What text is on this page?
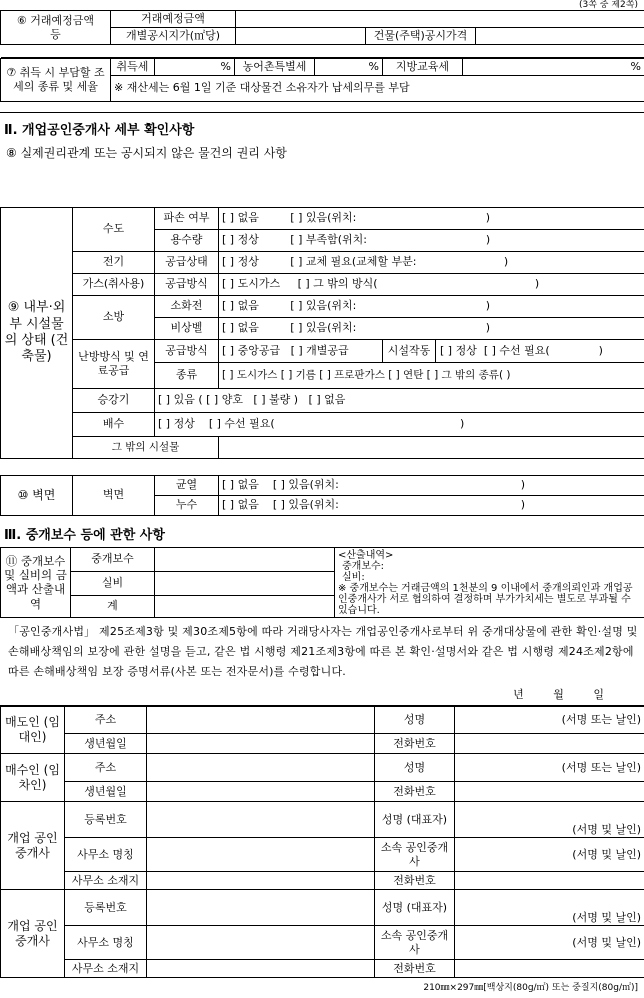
(3쪽 중 제2쪽)
⑥ 거래예정금액
등	거래예정금액			
	개별공시지가(㎡당)		건물(주택)공시가격	

⑦ 취득 시 부담할 조세의 종류 및 세율	취득세	%	농어촌특별세	%	지방교육세	%
※ 재산세는 6월 1일 기준 대상물건 소유자가 납세의무를 부담
Ⅱ. 개업공인중개사 세부 확인사항
⑧ 실제권리관계 또는 공시되지 않은 물건의 권리 사항
⑨ 내부·외부 시설물의 상태 (건축물)	수도	파손 여부	[ ] 없음         [ ] 있음(위치:                                     )
		용수량	[ ] 정상         [ ] 부족함(위치:                                  )
	전기	공급상태	[ ] 정상         [ ] 교체 필요(교체할 부분:                         )
	가스(취사용)	공급방식	[ ] 도시가스     [ ] 그 밖의 방식(                                             )
	소방	소화전	[ ] 없음         [ ] 있음(위치:                                     )
		비상벨	[ ] 없음         [ ] 있음(위치:                                     )
	난방방식 및 연료공급	공급방식	[ ] 중앙공급   [ ] 개별공급 시설작동 [ ] 정상  [ ] 수선 필요(              )

		종류	[ ] 도시가스 [ ] 기름 [ ] 프로판가스 [ ] 연탄 [ ] 그 밖의 종류( )
	승강기	[ ] 있음 ( [ ] 양호   [ ] 불량 )   [ ] 없음	
	배수	[ ] 정상    [ ] 수선 필요(                                                     )	
	그 밖의 시설물		
⑩ 벽면	벽면	균열	[ ] 없음    [ ] 있음(위치:                                                    )
		누수	[ ] 없음    [ ] 있음(위치:                                                    )
Ⅲ. 중개보수 등에 관한 사항
⑪ 중개보수 및 실비의 금액과 산출내역	중개보수		<산출내역>
중개보수:
실비:
※ 중개보수는 거래금액의 1천분의 9 이내에서 중개의뢰인과 개업공인중개사가 서로 협의하여 결정하며 부가가치세는 별도로 부과될 수 있습니다.

	실비		
	계		
「공인중개사법」 제25조제3항 및 제30조제5항에 따라 거래당사자는 개업공인중개사로부터 위 중개대상물에 관한 확인·설명 및 손해배상책임의 보장에 관한 설명을 듣고, 같은 법 시행령 제21조제3항에 따른 본 확인·설명서와 같은 법 시행령 제24조제2항에 따른 손해배상책임 보장 증명서류(사본 또는 전자문서)를 수령합니다.
년	월	일
매도인 (임대인)	주소		성명	(서명 또는 날인)
	생년월일		전화번호	
매수인 (임차인)	주소		성명	(서명 또는 날인)
	생년월일		전화번호	
개업 공인중개사	등록번호		성명 (대표자)	(서명 및 날인)
	사무소 명칭		소속 공인중개사	(서명 및 날인)
	사무소 소재지		전화번호	
개업 공인중개사	등록번호		성명 (대표자)	(서명 및 날인)
	사무소 명칭		소속 공인중개사	(서명 및 날인)
	사무소 소재지		전화번호	
210㎜×297㎜[백상지(80g/㎡) 또는 중질지(80g/㎡)]
